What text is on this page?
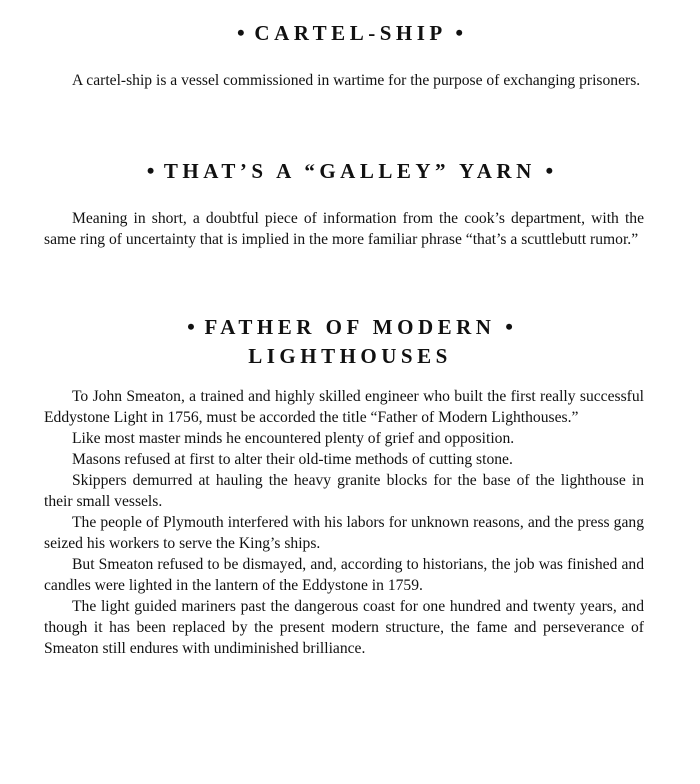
• CARTEL-SHIP •

A cartel-ship is a vessel commissioned in wartime for the purpose of exchanging prisoners.

• THAT’S A “GALLEY” YARN •

Meaning in short, a doubtful piece of information from the cook’s department, with the same ring of uncertainty that is implied in the more familiar phrase “that’s a scuttlebutt rumor.”

• FATHER OF MODERN •
LIGHTHOUSES

To John Smeaton, a trained and highly skilled engineer who built the first really successful Eddystone Light in 1756, must be accorded the title “Father of Modern Lighthouses.”

Like most master minds he encountered plenty of grief and opposition.

Masons refused at first to alter their old-time methods of cutting stone.

Skippers demurred at hauling the heavy granite blocks for the base of the lighthouse in their small vessels.

The people of Plymouth interfered with his labors for unknown reasons, and the press gang seized his workers to serve the King’s ships.

But Smeaton refused to be dismayed, and, according to historians, the job was finished and candles were lighted in the lantern of the Eddystone in 1759.

The light guided mariners past the dangerous coast for one hundred and twenty years, and though it has been replaced by the present modern structure, the fame and perseverance of Smeaton still endures with undiminished brilliance.
